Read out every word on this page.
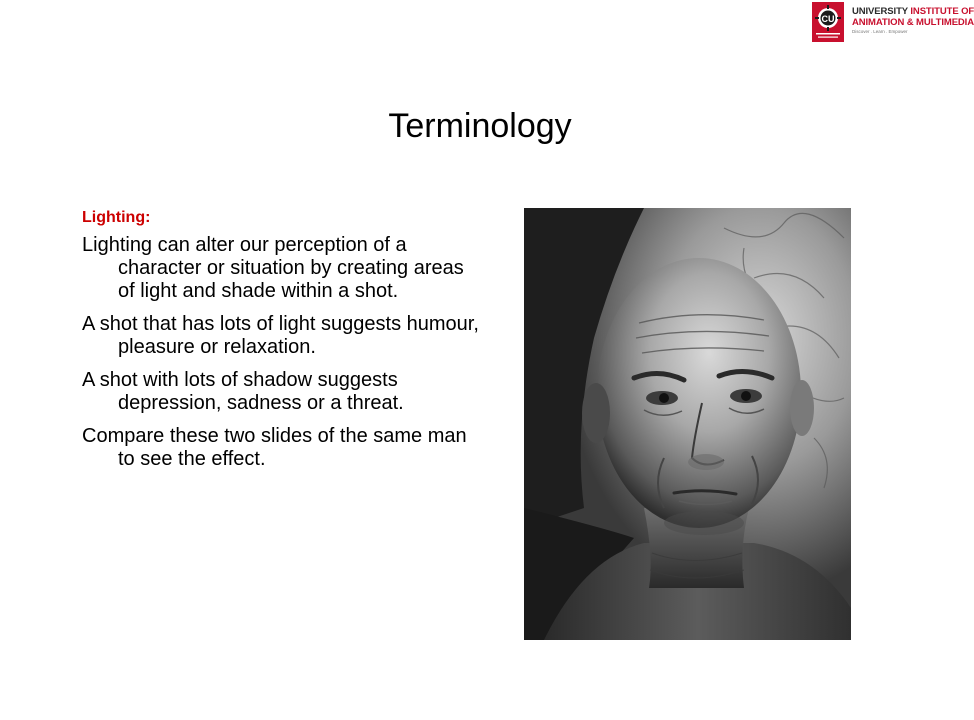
CU
UNIVERSITY INSTITUTE OF
ANIMATION & MULTIMEDIA
Discover . Learn . Empower
Terminology
Lighting:

Lighting can alter our perception of a character or situation by creating areas of light and shade within a shot.

A shot that has lots of light suggests humour, pleasure or relaxation.

A shot with lots of shadow suggests depression, sadness or a threat.

Compare these two slides of the same man to see the effect.
